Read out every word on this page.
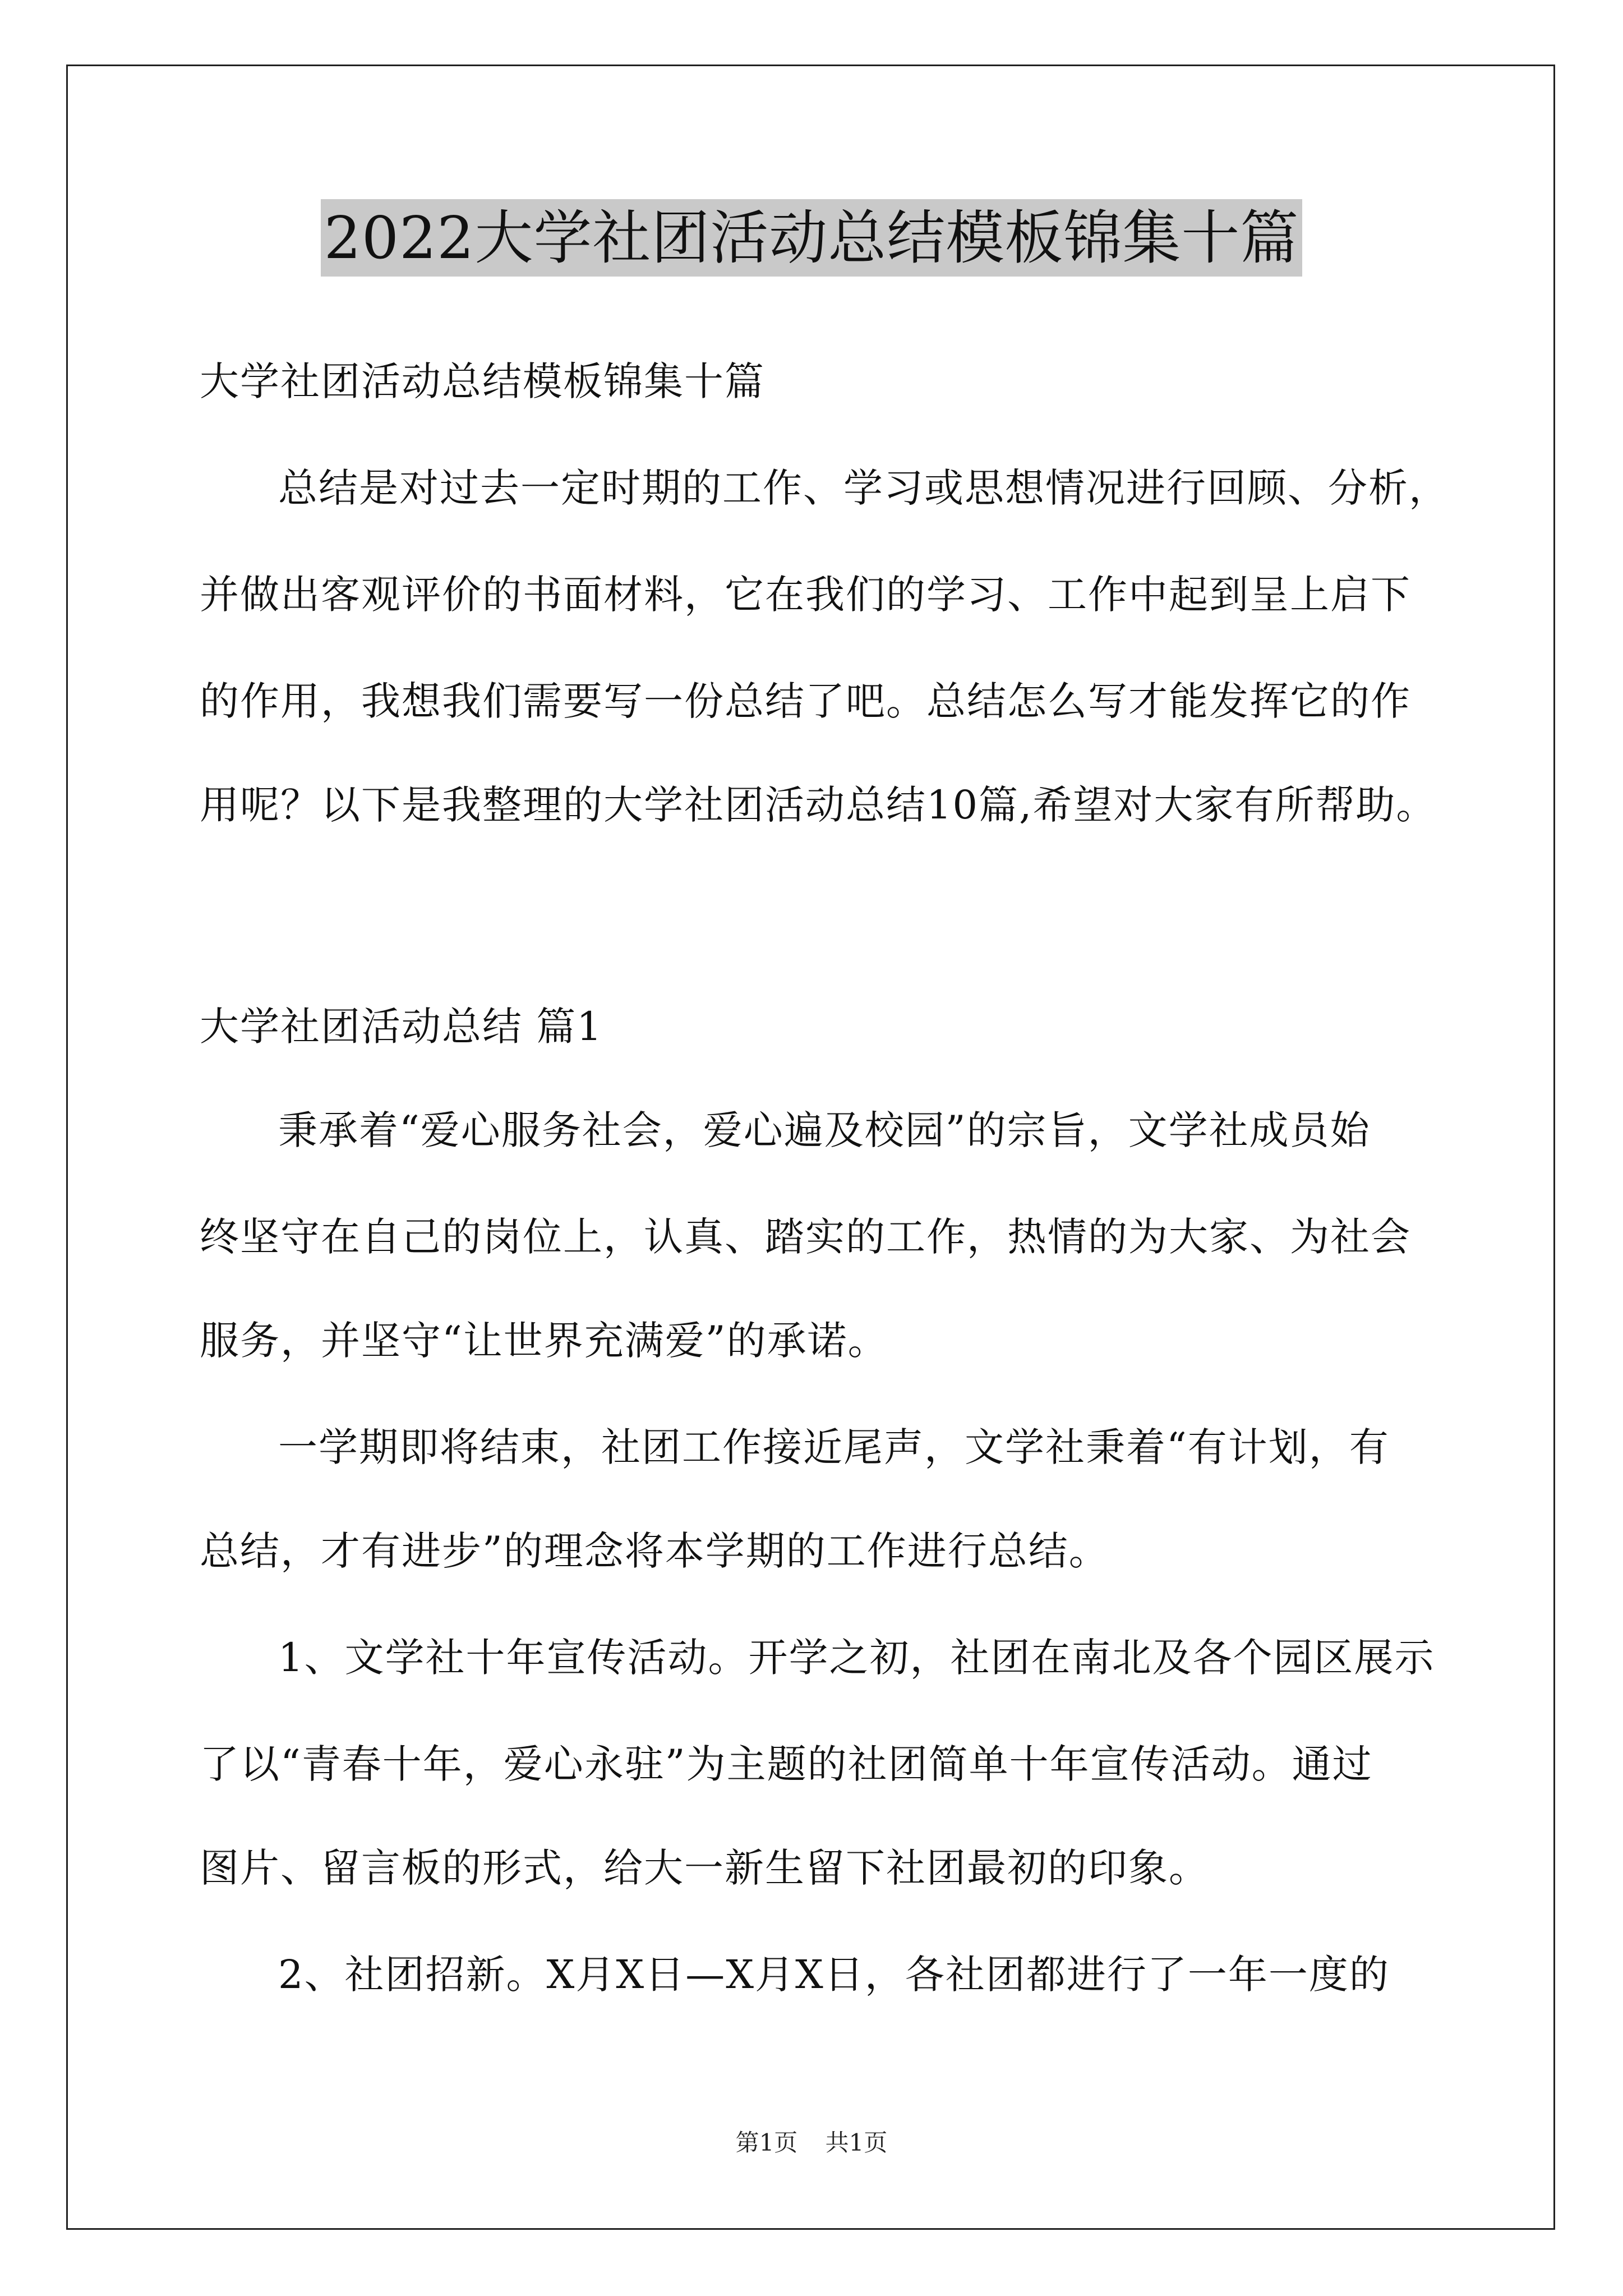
2022大学社团活动总结模板锦集十篇
大学社团活动总结模板锦集十篇
总结是对过去一定时期的工作、学习或思想情况进行回顾、分析，
并做出客观评价的书面材料，它在我们的学习、工作中起到呈上启下
的作用，我想我们需要写一份总结了吧。总结怎么写才能发挥它的作
用呢？以下是我整理的大学社团活动总结10篇,希望对大家有所帮助。
大学社团活动总结 篇1
秉承着“爱心服务社会，爱心遍及校园”的宗旨，文学社成员始
终坚守在自己的岗位上，认真、踏实的工作，热情的为大家、为社会
服务，并坚守“让世界充满爱”的承诺。
一学期即将结束，社团工作接近尾声，文学社秉着“有计划，有
总结，才有进步”的理念将本学期的工作进行总结。
1、文学社十年宣传活动。开学之初，社团在南北及各个园区展示
了以“青春十年，爱心永驻”为主题的社团简单十年宣传活动。通过
图片、留言板的形式，给大一新生留下社团最初的印象。
2、社团招新。X月X日—X月X日，各社团都进行了一年一度的
第1页 共1页
